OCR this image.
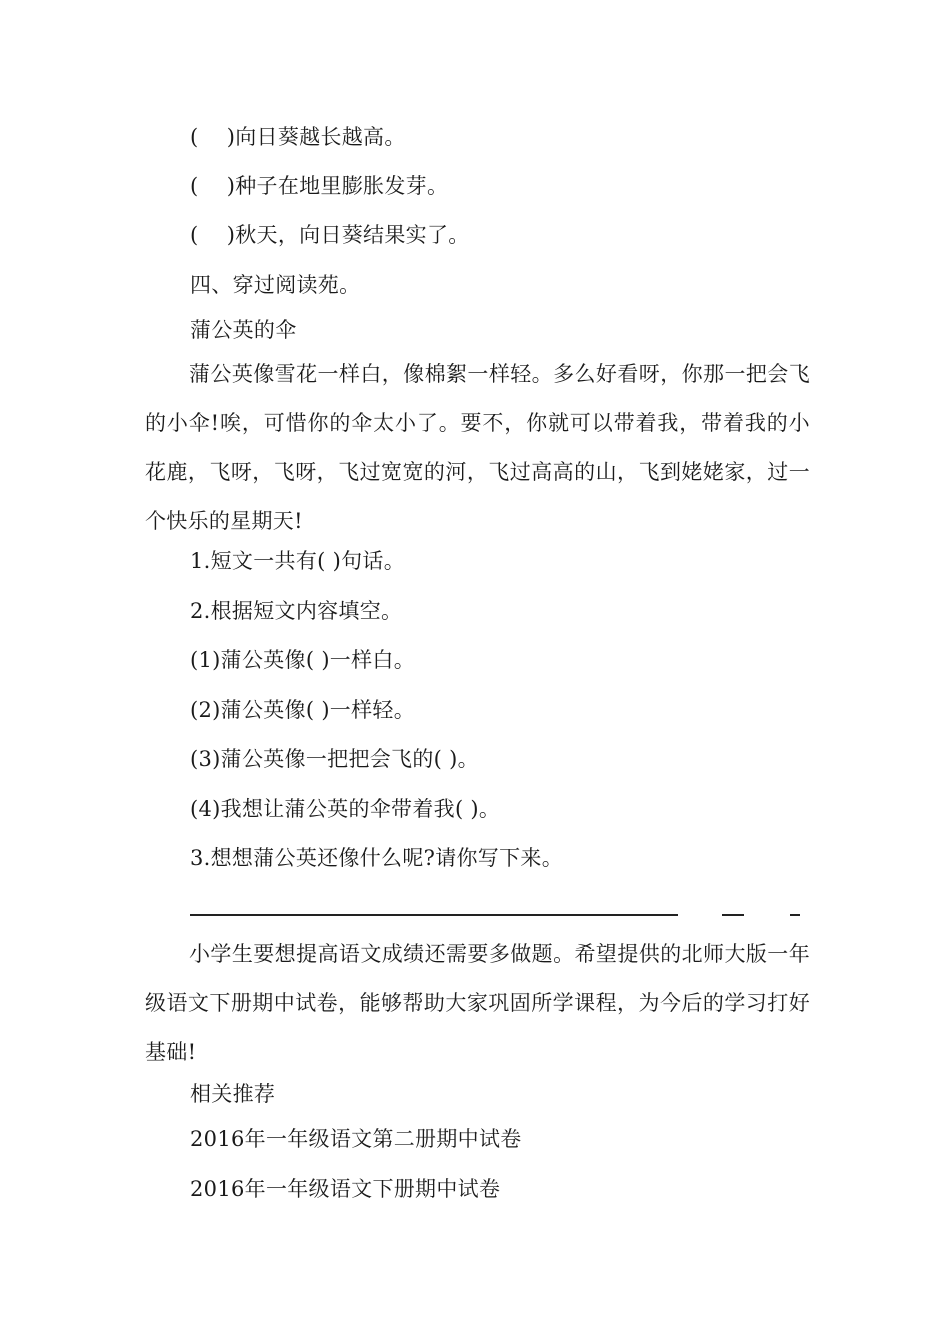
(　 )向日葵越长越高。
(　 )种子在地里膨胀发芽。
(　 )秋天，向日葵结果实了。
四、穿过阅读苑。
蒲公英的伞
蒲公英像雪花一样白，像棉絮一样轻。多么好看呀，你那一把会飞的小伞!唉，可惜你的伞太小了。要不，你就可以带着我，带着我的小花鹿，飞呀，飞呀，飞过宽宽的河，飞过高高的山，飞到姥姥家，过一个快乐的星期天!
1.短文一共有( )句话。
2.根据短文内容填空。
(1)蒲公英像( )一样白。
(2)蒲公英像( )一样轻。
(3)蒲公英像一把把会飞的( )。
(4)我想让蒲公英的伞带着我( )。
3.想想蒲公英还像什么呢?请你写下来。
小学生要想提高语文成绩还需要多做题。希望提供的北师大版一年级语文下册期中试卷，能够帮助大家巩固所学课程，为今后的学习打好基础!
相关推荐
2016年一年级语文第二册期中试卷
2016年一年级语文下册期中试卷
